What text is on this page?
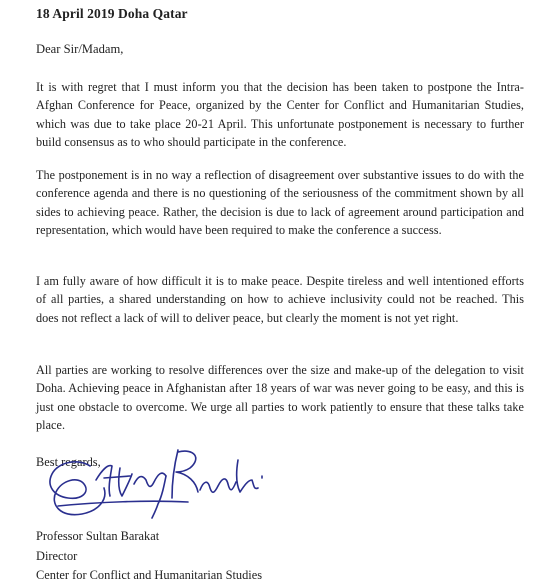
18 April 2019 Doha Qatar
Dear Sir/Madam,

It is with regret that I must inform you that the decision has been taken to postpone the Intra-Afghan Conference for Peace, organized by the Center for Conflict and Humanitarian Studies, which was due to take place 20-21 April. This unfortunate postponement is necessary to further build consensus as to who should participate in the conference.

The postponement is in no way a reflection of disagreement over substantive issues to do with the conference agenda and there is no questioning of the seriousness of the commitment shown by all sides to achieving peace. Rather, the decision is due to lack of agreement around participation and representation, which would have been required to make the conference a success.

I am fully aware of how difficult it is to make peace. Despite tireless and well intentioned efforts of all parties, a shared understanding on how to achieve inclusivity could not be reached. This does not reflect a lack of will to deliver peace, but clearly the moment is not yet right.

All parties are working to resolve differences over the size and make-up of the delegation to visit Doha. Achieving peace in Afghanistan after 18 years of war was never going to be easy, and this is just one obstacle to overcome. We urge all parties to work patiently to ensure that these talks take place.

Best regards,
Professor Sultan Barakat
Director
Center for Conflict and Humanitarian Studies
